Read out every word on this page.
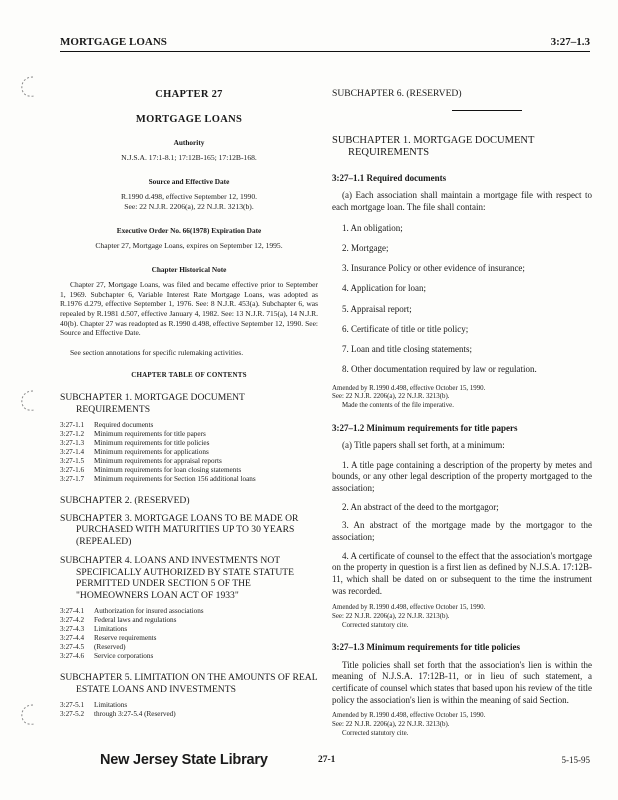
MORTGAGE LOANS	3:27–1.3
CHAPTER 27
MORTGAGE LOANS
Authority
N.J.S.A. 17:1-8.1; 17:12B-165; 17:12B-168.
Source and Effective Date
R.1990 d.498, effective September 12, 1990.
See: 22 N.J.R. 2206(a), 22 N.J.R. 3213(b).
Executive Order No. 66(1978) Expiration Date
Chapter 27, Mortgage Loans, expires on September 12, 1995.
Chapter Historical Note
Chapter 27, Mortgage Loans, was filed and became effective prior to September 1, 1969. Subchapter 6, Variable Interest Rate Mortgage Loans, was adopted as R.1976 d.279, effective September 1, 1976. See: 8 N.J.R. 453(a). Subchapter 6, was repealed by R.1981 d.507, effective January 4, 1982. See: 13 N.J.R. 715(a), 14 N.J.R. 40(b). Chapter 27 was readopted as R.1990 d.498, effective September 12, 1990. See: Source and Effective Date.
See section annotations for specific rulemaking activities.
CHAPTER TABLE OF CONTENTS
SUBCHAPTER 1. MORTGAGE DOCUMENT REQUIREMENTS
3:27-1.1	Required documents
3:27-1.2	Minimum requirements for title papers
3:27-1.3	Minimum requirements for title policies
3:27-1.4	Minimum requirements for applications
3:27-1.5	Minimum requirements for appraisal reports
3:27-1.6	Minimum requirements for loan closing statements
3:27-1.7	Minimum requirements for Section 156 additional loans
SUBCHAPTER 2. (RESERVED)
SUBCHAPTER 3. MORTGAGE LOANS TO BE MADE OR PURCHASED WITH MATURITIES UP TO 30 YEARS (REPEALED)
SUBCHAPTER 4. LOANS AND INVESTMENTS NOT SPECIFICALLY AUTHORIZED BY STATE STATUTE PERMITTED UNDER SECTION 5 OF THE "HOMEOWNERS LOAN ACT OF 1933"
3:27-4.1	Authorization for insured associations
3:27-4.2	Federal laws and regulations
3:27-4.3	Limitations
3:27-4.4	Reserve requirements
3:27-4.5	(Reserved)
3:27-4.6	Service corporations
SUBCHAPTER 5. LIMITATION ON THE AMOUNTS OF REAL ESTATE LOANS AND INVESTMENTS
3:27-5.1	Limitations
3:27-5.2	through 3:27-5.4 (Reserved)
SUBCHAPTER 6. (RESERVED)
SUBCHAPTER 1. MORTGAGE DOCUMENT REQUIREMENTS
3:27–1.1 Required documents
(a) Each association shall maintain a mortgage file with respect to each mortgage loan. The file shall contain:
1. An obligation;
2. Mortgage;
3. Insurance Policy or other evidence of insurance;
4. Application for loan;
5. Appraisal report;
6. Certificate of title or title policy;
7. Loan and title closing statements;
8. Other documentation required by law or regulation.
Amended by R.1990 d.498, effective October 15, 1990.
See: 22 N.J.R. 2206(a), 22 N.J.R. 3213(b).
Made the contents of the file imperative.
3:27–1.2 Minimum requirements for title papers
(a) Title papers shall set forth, at a minimum:
1. A title page containing a description of the property by metes and bounds, or any other legal description of the property mortgaged to the association;
2. An abstract of the deed to the mortgagor;
3. An abstract of the mortgage made by the mortgagor to the association;
4. A certificate of counsel to the effect that the association's mortgage on the property in question is a first lien as defined by N.J.S.A. 17:12B-11, which shall be dated on or subsequent to the time the instrument was recorded.
Amended by R.1990 d.498, effective October 15, 1990.
See: 22 N.J.R. 2206(a), 22 N.J.R. 3213(b).
Corrected statutory cite.
3:27–1.3 Minimum requirements for title policies
Title policies shall set forth that the association's lien is within the meaning of N.J.S.A. 17:12B-11, or in lieu of such statement, a certificate of counsel which states that based upon his review of the title policy the association's lien is within the meaning of said Section.
Amended by R.1990 d.498, effective October 15, 1990.
See: 22 N.J.R. 2206(a), 22 N.J.R. 3213(b).
Corrected statutory cite.
New Jersey State Library	27-1	5-15-95
